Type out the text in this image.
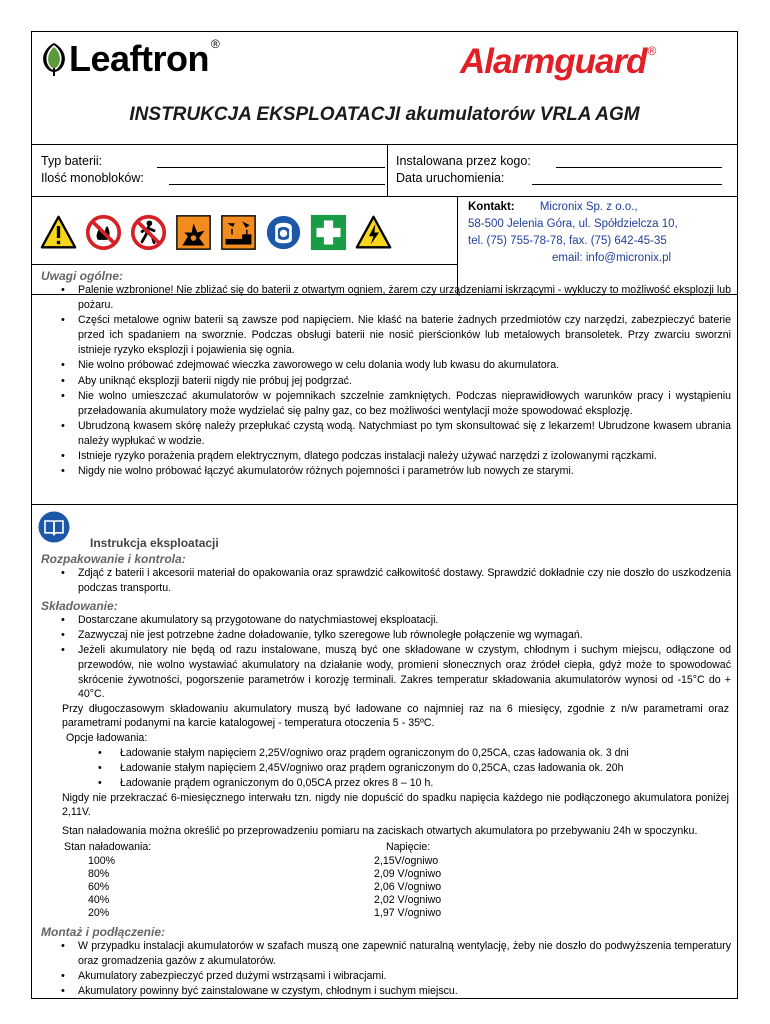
Leaftron ®	Alarmguard ®
INSTRUKCJA EKSPLOATACJI akumulatorów VRLA AGM
Typ baterii:
Ilość monobloków:
Instalowana przez kogo:
Data uruchomienia:
Kontakt: Micronix Sp. z o.o.,
58-500 Jelenia Góra, ul. Spółdzielcza 10,
tel. (75) 755-78-78, fax. (75) 642-45-35
email: info@micronix.pl
Uwagi ogólne:
• Palenie wzbronione! Nie zbliżać się do baterii z otwartym ogniem, żarem czy urządzeniami iskrzącymi - wykluczy to możliwość eksplozji lub pożaru.
• Części metalowe ogniw baterii są zawsze pod napięciem. Nie kłaść na baterie żadnych przedmiotów czy narzędzi, zabezpieczyć baterie przed ich spadaniem na sworznie. Podczas obsługi baterii nie nosić pierścionków lub metalowych bransoletek. Przy zwarciu sworzni istnieje ryzyko eksplozji i pojawienia się ognia.
• Nie wolno próbować zdejmować wieczka zaworowego w celu dolania wody lub kwasu do akumulatora.
• Aby uniknąć eksplozji baterii nigdy nie próbuj jej podgrzać.
• Nie wolno umieszczać akumulatorów w pojemnikach szczelnie zamkniętych. Podczas nieprawidłowych warunków pracy i wystąpieniu przeładowania akumulatory może wydzielać się palny gaz, co bez możliwości wentylacji może spowodować eksplozję.
• Ubrudzoną kwasem skórę należy przepłukać czystą wodą. Natychmiast po tym skonsultować się z lekarzem! Ubrudzone kwasem ubrania należy wypłukać w wodzie.
• Istnieje ryzyko porażenia prądem elektrycznym, dlatego podczas instalacji należy używać narzędzi z izolowanymi rączkami.
• Nigdy nie wolno próbować łączyć akumulatorów różnych pojemności i parametrów lub nowych ze starymi.
Instrukcja eksploatacji
Rozpakowanie i kontrola:
• Zdjąć z baterii i akcesorii materiał do opakowania oraz sprawdzić całkowitość dostawy. Sprawdzić dokładnie czy nie doszło do uszkodzenia podczas transportu.
Składowanie:
• Dostarczane akumulatory są przygotowane do natychmiastowej eksploatacji.
• Zazwyczaj nie jest potrzebne żadne doładowanie, tylko szeregowe lub równoległe połączenie wg wymagań.
• Jeżeli akumulatory nie będą od razu instalowane, muszą być one składowane w czystym, chłodnym i suchym miejscu, odłączone od przewodów, nie wolno wystawiać akumulatory na działanie wody, promieni słonecznych oraz źródeł ciepła, gdyż może to spowodować skrócenie żywotności, pogorszenie parametrów i korozję terminali. Zakres temperatur składowania akumulatorów wynosi od -15°C do + 40°C.
Przy długoczasowym składowaniu akumulatory muszą być ładowane co najmniej raz na 6 miesięcy, zgodnie z n/w parametrami oraz parametrami podanymi na karcie katalogowej - temperatura otoczenia 5 - 35ºC.
Opcje ładowania:
• Ładowanie stałym napięciem 2,25V/ogniwo oraz prądem ograniczonym do 0,25CA, czas ładowania ok. 3 dni
• Ładowanie stałym napięciem 2,45V/ogniwo oraz prądem ograniczonym do 0,25CA, czas ładowania ok. 20h
• Ładowanie prądem ograniczonym do 0,05CA przez okres 8 – 10 h.
Nigdy nie przekraczać 6-miesięcznego interwału tzn. nigdy nie dopuścić do spadku napięcia każdego nie podłączonego akumulatora poniżej 2,11V.
Stan naładowania można określić po przeprowadzeniu pomiaru na zaciskach otwartych akumulatora po przebywaniu 24h w spoczynku.
Stan naładowania:	Napięcie:
100%	2,15V/ogniwo
80%	2,09 V/ogniwo
60%	2,06 V/ogniwo
40%	2,02 V/ogniwo
20%	1,97 V/ogniwo
Montaż i podłączenie:
• W przypadku instalacji akumulatorów w szafach muszą one zapewnić naturalną wentylację, żeby nie doszło do podwyższenia temperatury oraz gromadzenia gazów z akumulatorów.
• Akumulatory zabezpieczyć przed dużymi wstrząsami i wibracjami.
• Akumulatory powinny być zainstalowane w czystym, chłodnym i suchym miejscu.
